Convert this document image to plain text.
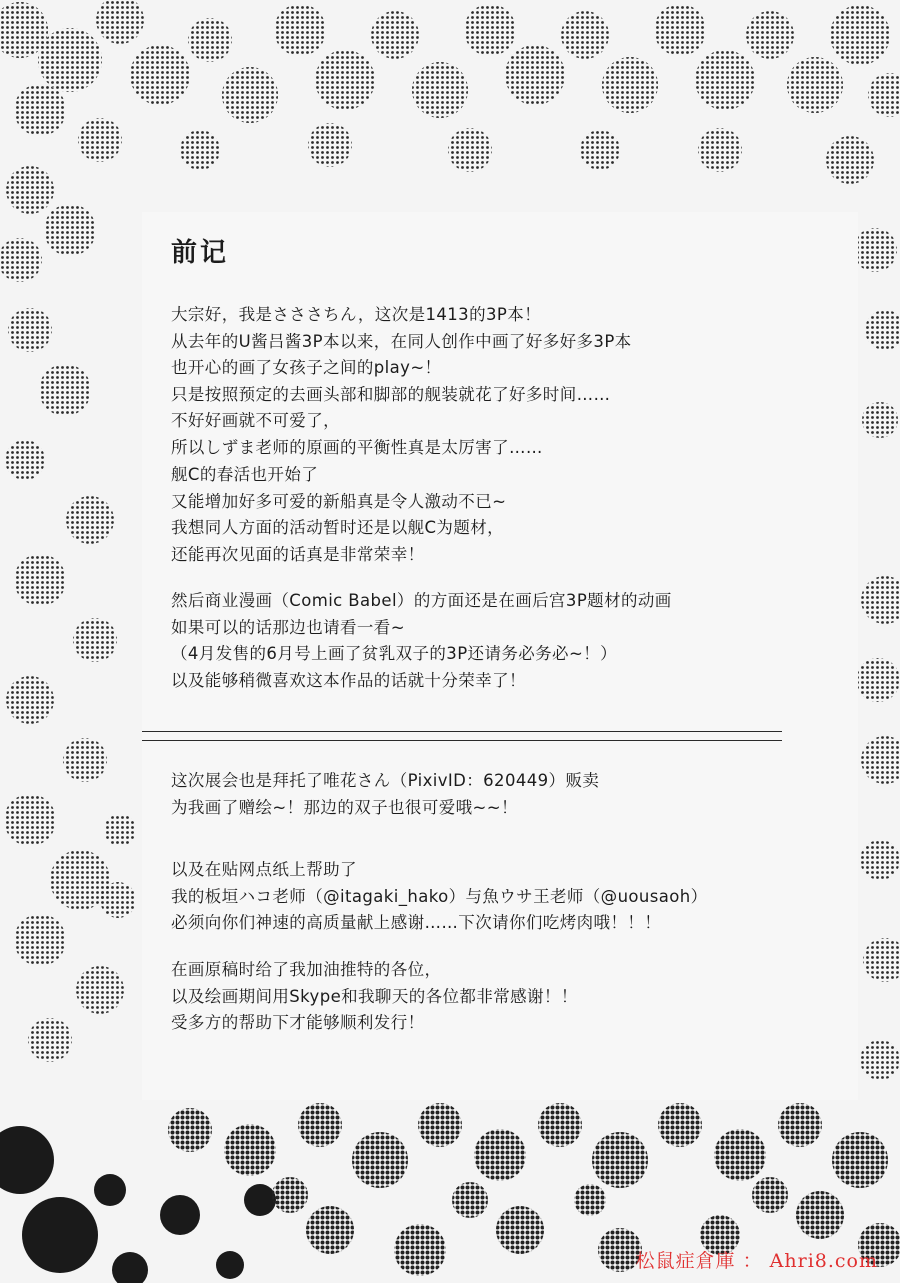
前记
大宗好，我是さささちん，这次是1413的3P本！
从去年的U酱吕酱3P本以来，在同人创作中画了好多好多3P本
也开心的画了女孩子之间的play~！
只是按照预定的去画头部和脚部的舰装就花了好多时间……
不好好画就不可爱了，
所以しずま老师的原画的平衡性真是太厉害了……
舰C的春活也开始了
又能增加好多可爱的新船真是令人激动不已~
我想同人方面的活动暂时还是以舰C为题材，
还能再次见面的话真是非常荣幸！
然后商业漫画（Comic Babel）的方面还是在画后宫3P题材的动画
如果可以的话那边也请看一看~
（4月发售的6月号上画了贫乳双子的3P还请务必务必~！）
以及能够稍微喜欢这本作品的话就十分荣幸了！
这次展会也是拜托了唯花さん（PixivID：620449）贩卖
为我画了赠绘~！那边的双子也很可爱哦~~！
以及在贴网点纸上帮助了
我的板垣ハコ老师（@itagaki_hako）与魚ウサ王老师（@uousaoh）
必须向你们神速的高质量献上感谢……下次请你们吃烤肉哦！！！
在画原稿时给了我加油推特的各位，
以及绘画期间用Skype和我聊天的各位都非常感谢！！
受多方的帮助下才能够顺利发行！
松鼠症倉庫 ： Ahri8.com
